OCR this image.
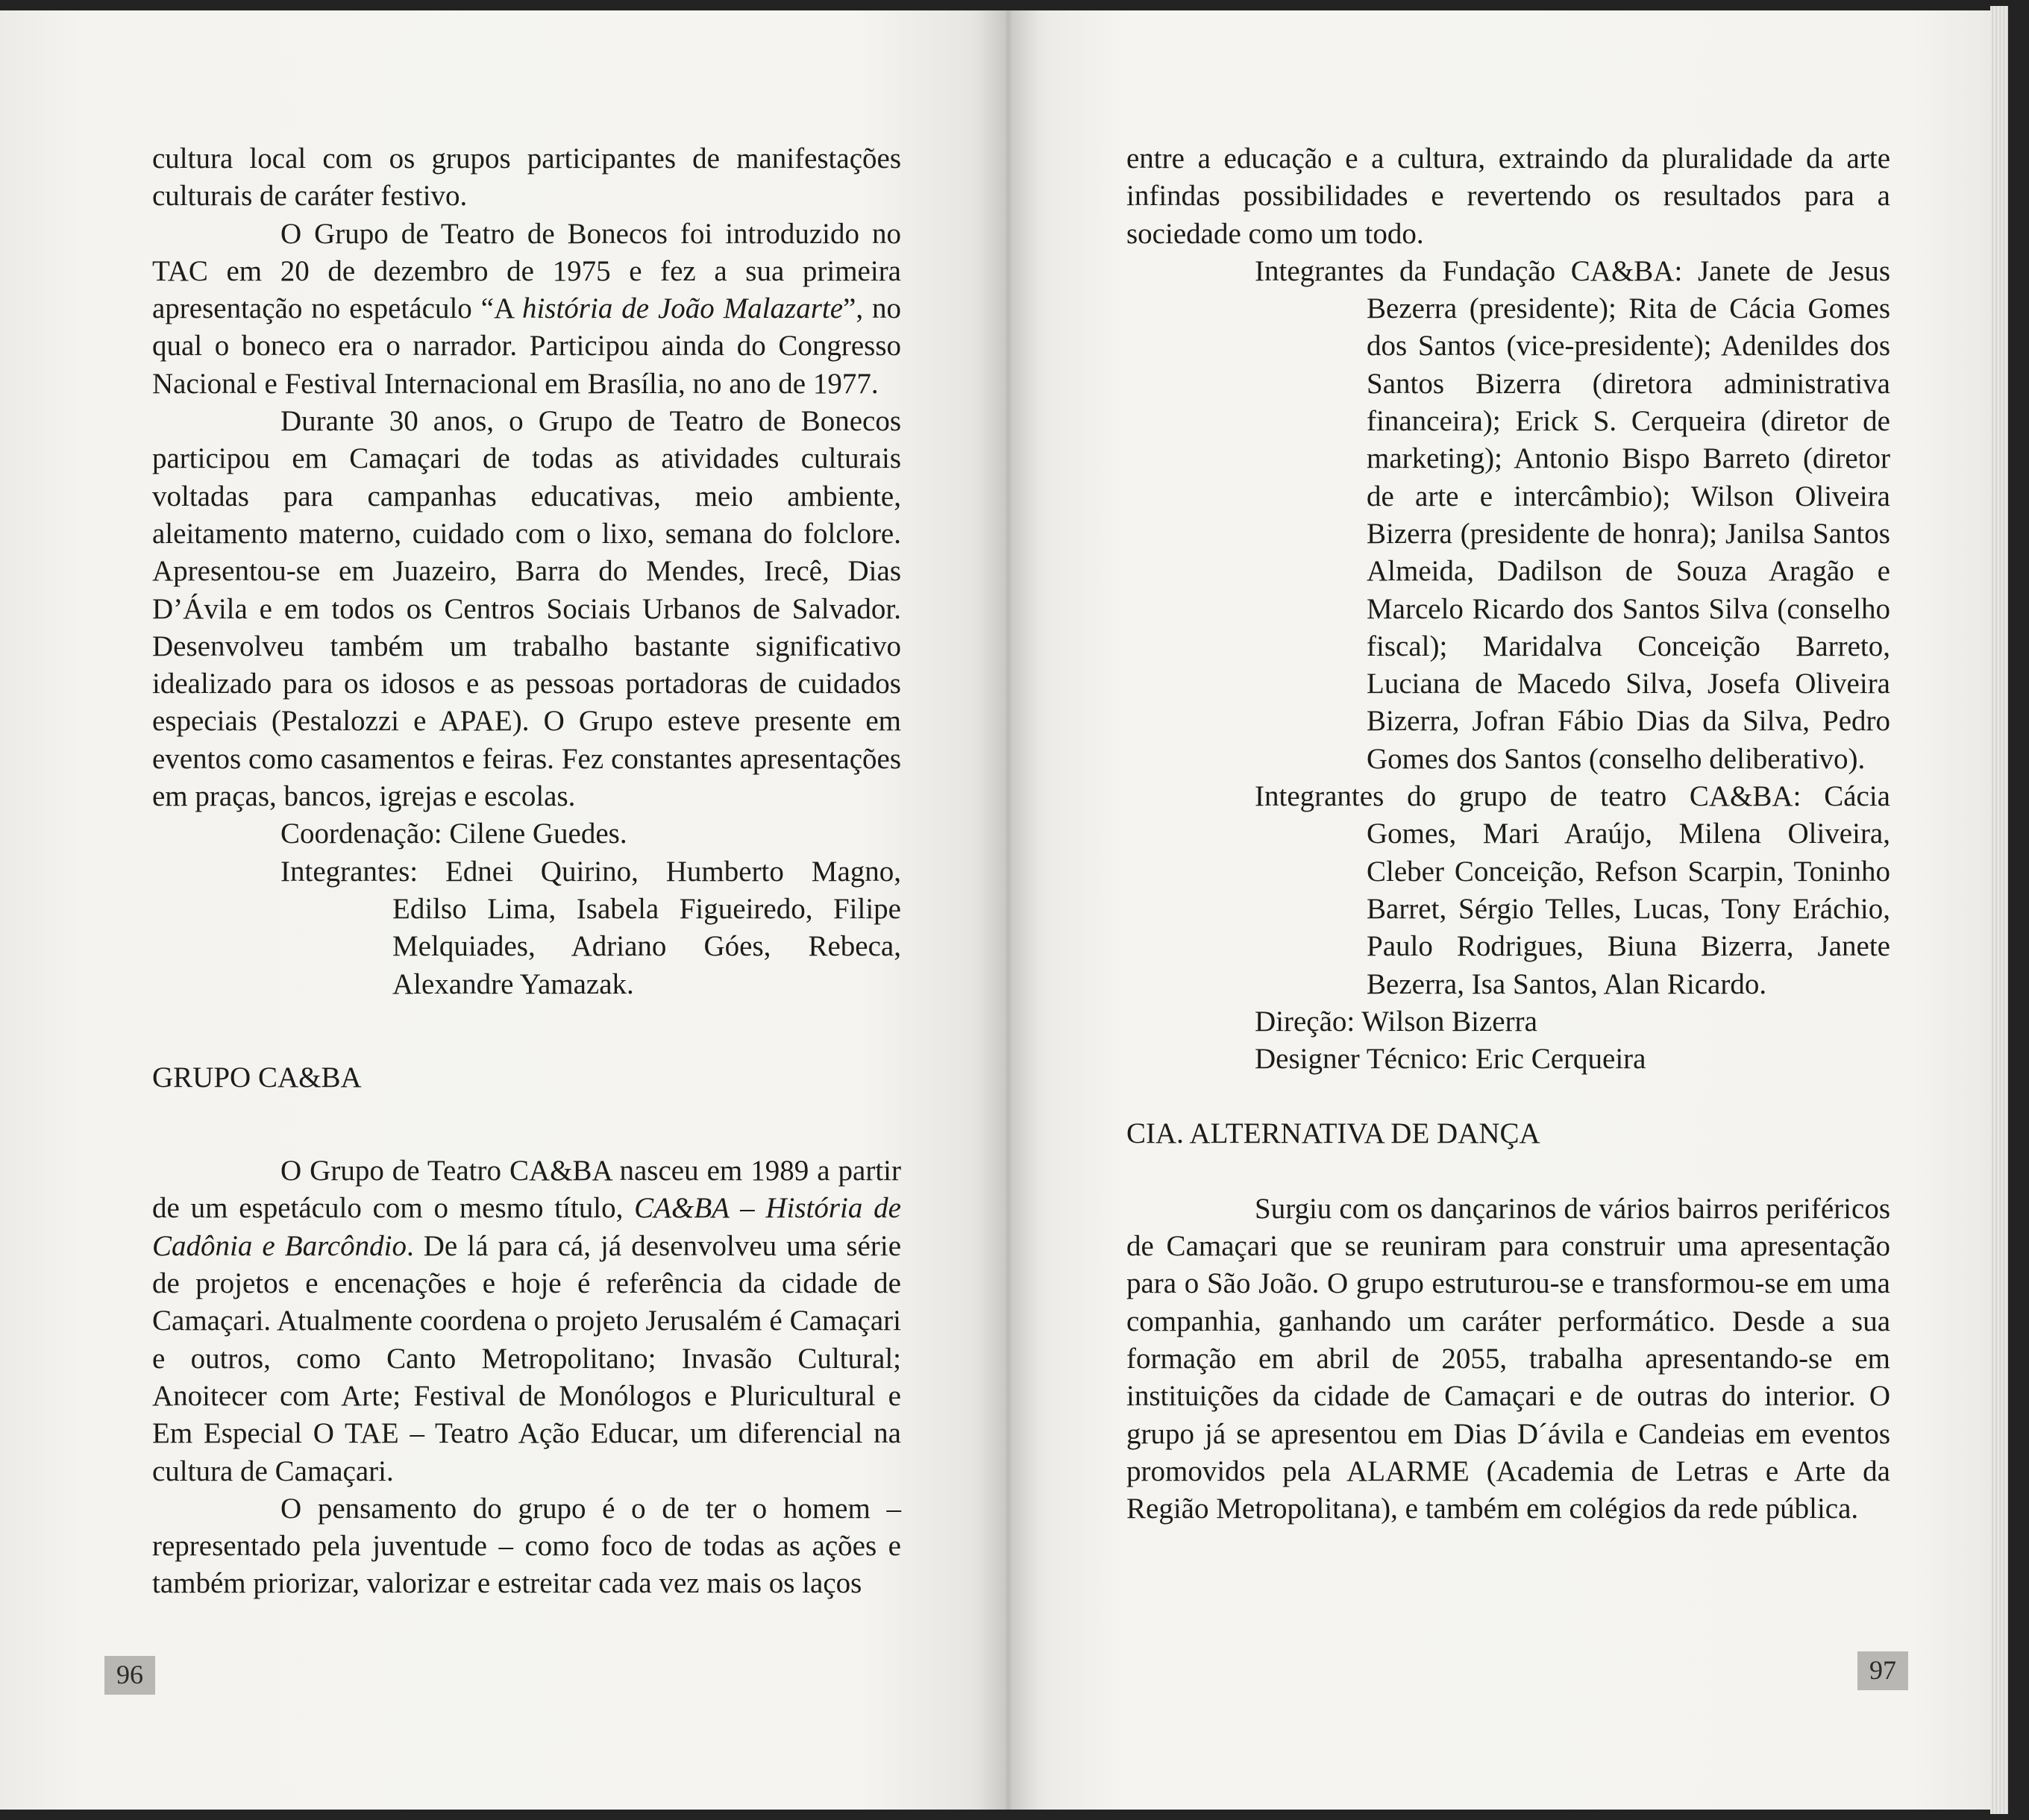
cultura local com os grupos participantes de manifestações culturais de caráter festivo.

O Grupo de Teatro de Bonecos foi introduzido no TAC em 20 de dezembro de 1975 e fez a sua primeira apresentação no espetáculo “A história de João Malazarte”, no qual o boneco era o narrador. Participou ainda do Congresso Nacional e Festival Internacional em Brasília, no ano de 1977.

Durante 30 anos, o Grupo de Teatro de Bonecos participou em Camaçari de todas as atividades culturais voltadas para campanhas educativas, meio ambiente, aleitamento materno, cuidado com o lixo, semana do folclore. Apresentou-se em Juazeiro, Barra do Mendes, Irecê, Dias D’Ávila e em todos os Centros Sociais Urbanos de Salvador. Desenvolveu também um trabalho bastante significativo idealizado para os idosos e as pessoas portadoras de cuidados especiais (Pestalozzi e APAE). O Grupo esteve presente em eventos como casamentos e feiras. Fez constantes apresentações em praças, bancos, igrejas e escolas.

Coordenação: Cilene Guedes.

Integrantes: Ednei Quirino, Humberto Magno, Edilso Lima, Isabela Figueiredo, Filipe Melquiades, Adriano Góes, Rebeca, Alexandre Yamazak.

GRUPO CA&BA

O Grupo de Teatro CA&BA nasceu em 1989 a partir de um espetáculo com o mesmo título, CA&BA – História de Cadônia e Barcôndio. De lá para cá, já desenvolveu uma série de projetos e encenações e hoje é referência da cidade de Camaçari. Atualmente coordena o projeto Jerusalém é Camaçari e outros, como Canto Metropolitano; Invasão Cultural; Anoitecer com Arte; Festival de Monólogos e Pluricultural e Em Especial O TAE – Teatro Ação Educar, um diferencial na cultura de Camaçari.

O pensamento do grupo é o de ter o homem – representado pela juventude – como foco de todas as ações e também priorizar, valorizar e estreitar cada vez mais os laços

96

entre a educação e a cultura, extraindo da pluralidade da arte infindas possibilidades e revertendo os resultados para a sociedade como um todo.

Integrantes da Fundação CA&BA: Janete de Jesus Bezerra (presidente); Rita de Cácia Gomes dos Santos (vice-presidente); Adenildes dos Santos Bizerra (diretora administrativa financeira); Erick S. Cerqueira (diretor de marketing); Antonio Bispo Barreto (diretor de arte e intercâmbio); Wilson Oliveira Bizerra (presidente de honra); Janilsa Santos Almeida, Dadilson de Souza Aragão e Marcelo Ricardo dos Santos Silva (conselho fiscal); Maridalva Conceição Barreto, Luciana de Macedo Silva, Josefa Oliveira Bizerra, Jofran Fábio Dias da Silva, Pedro Gomes dos Santos (conselho deliberativo).

Integrantes do grupo de teatro CA&BA: Cácia Gomes, Mari Araújo, Milena Oliveira, Cleber Conceição, Refson Scarpin, Toninho Barret, Sérgio Telles, Lucas, Tony Eráchio, Paulo Rodrigues, Biuna Bizerra, Janete Bezerra, Isa Santos, Alan Ricardo.

Direção: Wilson Bizerra

Designer Técnico: Eric Cerqueira

CIA. ALTERNATIVA DE DANÇA

Surgiu com os dançarinos de vários bairros periféricos de Camaçari que se reuniram para construir uma apresentação para o São João. O grupo estruturou-se e transformou-se em uma companhia, ganhando um caráter performático. Desde a sua formação em abril de 2055, trabalha apresentando-se em instituições da cidade de Camaçari e de outras do interior. O grupo já se apresentou em Dias D´ávila e Candeias em eventos promovidos pela ALARME (Academia de Letras e Arte da Região Metropolitana), e também em colégios da rede pública.

97
